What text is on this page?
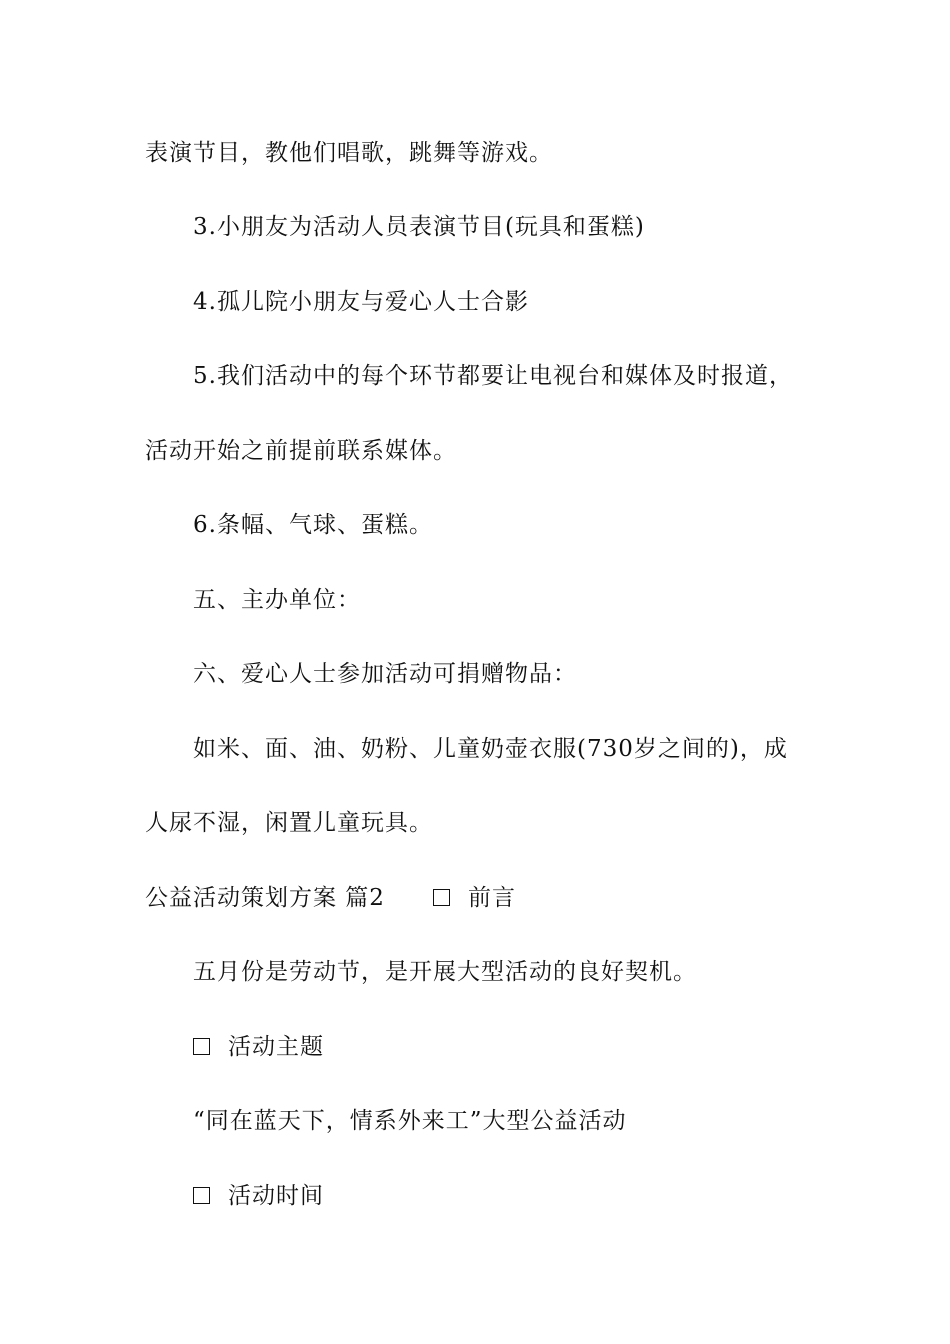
表演节目，教他们唱歌，跳舞等游戏。
3.小朋友为活动人员表演节目(玩具和蛋糕)
4.孤儿院小朋友与爱心人士合影
5.我们活动中的每个环节都要让电视台和媒体及时报道，
活动开始之前提前联系媒体。
6.条幅、气球、蛋糕。
五、主办单位：
六、爱心人士参加活动可捐赠物品：
如米、面、油、奶粉、儿童奶壶衣服(730岁之间的)，成
人尿不湿，闲置儿童玩具。
公益活动策划方案 篇2	前言
五月份是劳动节，是开展大型活动的良好契机。
活动主题
“同在蓝天下，情系外来工”大型公益活动
活动时间
